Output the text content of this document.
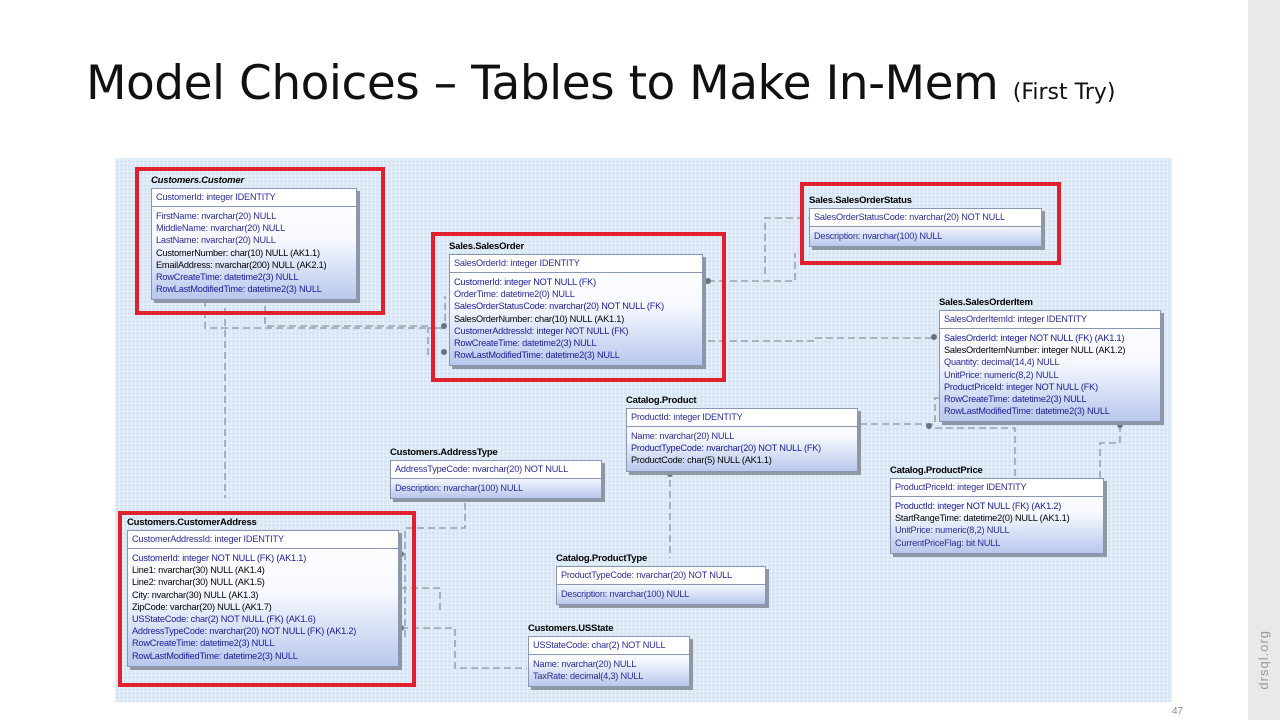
Model Choices – Tables to Make In-Mem (First Try)
Customers.Customer
CustomerId: integer IDENTITY
FirstName: nvarchar(20) NULL
MiddleName: nvarchar(20) NULL
LastName: nvarchar(20) NULL
CustomerNumber: char(10) NULL (AK1.1)
EmailAddress: nvarchar(200) NULL (AK2.1)
RowCreateTime: datetime2(3) NULL
RowLastModifiedTime: datetime2(3) NULL
Sales.SalesOrder
SalesOrderId: integer IDENTITY
CustomerId: integer NOT NULL (FK)
OrderTime: datetime2(0) NULL
SalesOrderStatusCode: nvarchar(20) NOT NULL (FK)
SalesOrderNumber: char(10) NULL (AK1.1)
CustomerAddressId: integer NOT NULL (FK)
RowCreateTime: datetime2(3) NULL
RowLastModifiedTime: datetime2(3) NULL
Sales.SalesOrderStatus
SalesOrderStatusCode: nvarchar(20) NOT NULL
Description: nvarchar(100) NULL
Sales.SalesOrderItem
SalesOrderItemId: integer IDENTITY
SalesOrderId: integer NOT NULL (FK) (AK1.1)
SalesOrderItemNumber: integer NULL (AK1.2)
Quantity: decimal(14,4) NULL
UnitPrice: numeric(8,2) NULL
ProductPriceId: integer NOT NULL (FK)
RowCreateTime: datetime2(3) NULL
RowLastModifiedTime: datetime2(3) NULL
Catalog.Product
ProductId: integer IDENTITY
Name: nvarchar(20) NULL
ProductTypeCode: nvarchar(20) NOT NULL (FK)
ProductCode: char(5) NULL (AK1.1)
Customers.AddressType
AddressTypeCode: nvarchar(20) NOT NULL
Description: nvarchar(100) NULL
Catalog.ProductPrice
ProductPriceId: integer IDENTITY
ProductId: integer NOT NULL (FK) (AK1.2)
StartRangeTime: datetime2(0) NULL (AK1.1)
UnitPrice: numeric(8,2) NULL
CurrentPriceFlag: bit NULL
Customers.CustomerAddress
CustomerAddressId: integer IDENTITY
CustomerId: integer NOT NULL (FK) (AK1.1)
Line1: nvarchar(30) NULL (AK1.4)
Line2: nvarchar(30) NULL (AK1.5)
City: nvarchar(30) NULL (AK1.3)
ZipCode: varchar(20) NULL (AK1.7)
USStateCode: char(2) NOT NULL (FK) (AK1.6)
AddressTypeCode: nvarchar(20) NOT NULL (FK) (AK1.2)
RowCreateTime: datetime2(3) NULL
RowLastModifiedTime: datetime2(3) NULL
Catalog.ProductType
ProductTypeCode: nvarchar(20) NOT NULL
Description: nvarchar(100) NULL
Customers.USState
USStateCode: char(2) NOT NULL
Name: nvarchar(20) NULL
TaxRate: decimal(4,3) NULL
47
drsql.org
